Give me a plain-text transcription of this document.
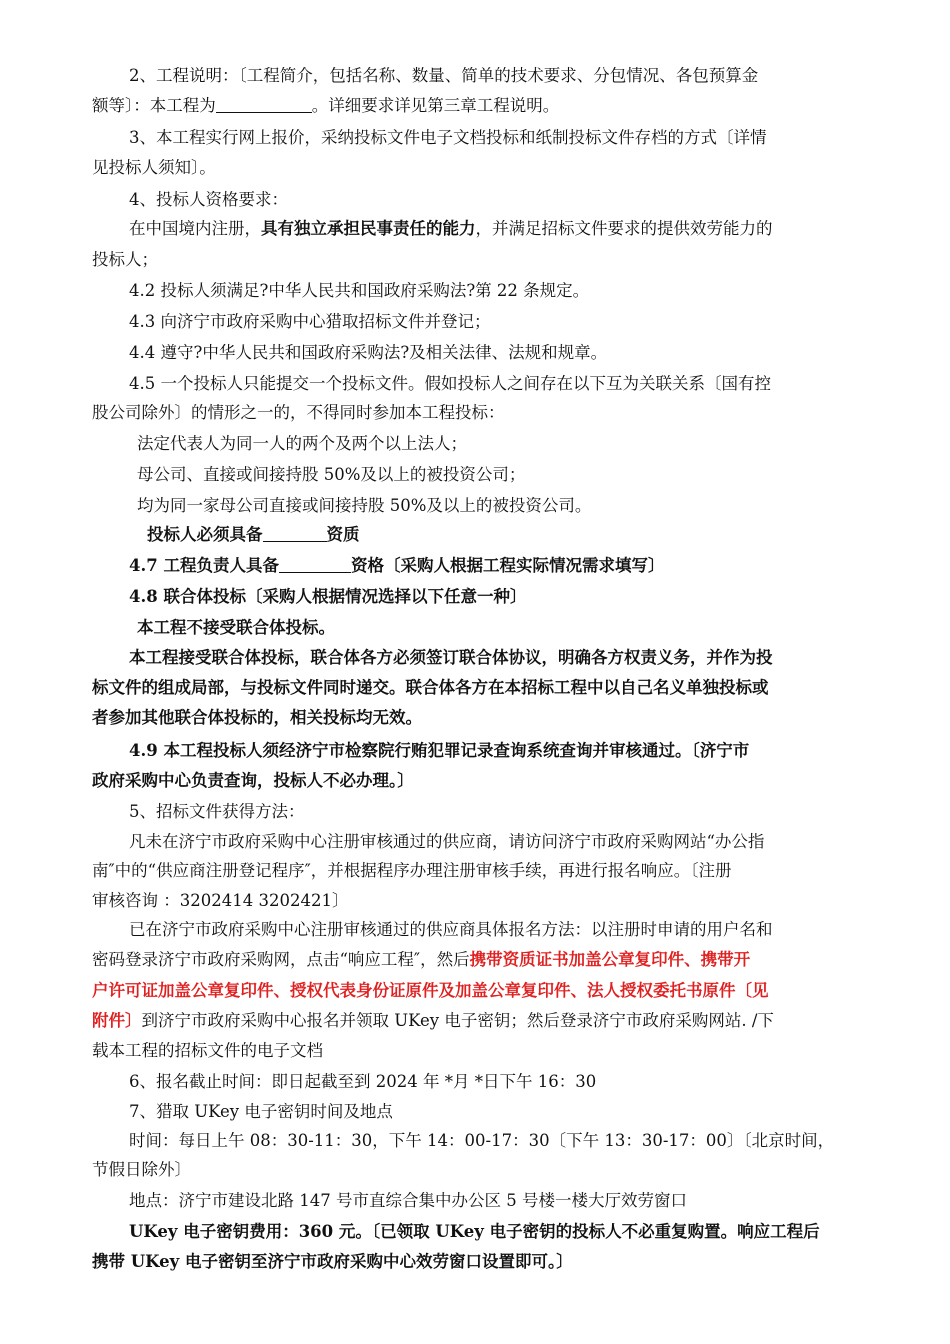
2、工程说明：〔工程简介，包括名称、数量、简单的技术要求、分包情况、各包预算金
额等〕：本工程为	。详细要求详见第三章工程说明。
3、本工程实行网上报价，采纳投标文件电子文档投标和纸制投标文件存档的方式〔详情
见投标人须知〕。
4、投标人资格要求：
在中国境内注册，具有独立承担民事责任的能力，并满足招标文件要求的提供效劳能力的
投标人；
4.2 投标人须满足?中华人民共和国政府采购法?第 22 条规定。
4.3 向济宁市政府采购中心猎取招标文件并登记；
4.4 遵守?中华人民共和国政府采购法?及相关法律、法规和规章。
4.5 一个投标人只能提交一个投标文件。假如投标人之间存在以下互为关联关系〔国有控
股公司除外〕的情形之一的，不得同时参加本工程投标：
法定代表人为同一人的两个及两个以上法人；
母公司、直接或间接持股 50%及以上的被投资公司；
均为同一家母公司直接或间接持股 50%及以上的被投资公司。
投标人必须具备	资质
4.7 工程负责人具备	资格〔采购人根据工程实际情况需求填写〕
4.8 联合体投标〔采购人根据情况选择以下任意一种〕
本工程不接受联合体投标。
本工程接受联合体投标，联合体各方必须签订联合体协议，明确各方权责义务，并作为投
标文件的组成局部，与投标文件同时递交。联合体各方在本招标工程中以自己名义单独投标或
者参加其他联合体投标的，相关投标均无效。
4.9 本工程投标人须经济宁市检察院行贿犯罪记录查询系统查询并审核通过。〔济宁市
政府采购中心负责查询，投标人不必办理。〕
5、招标文件获得方法：
凡未在济宁市政府采购中心注册审核通过的供应商，请访问济宁市政府采购网站“办公指
南″中的“供应商注册登记程序″，并根据程序办理注册审核手续，再进行报名响应。〔注册
审核咨询 ：3202414 3202421〕
已在济宁市政府采购中心注册审核通过的供应商具体报名方法：以注册时申请的用户名和
密码登录济宁市政府采购网，点击“响应工程″，然后携带资质证书加盖公章复印件、携带开
户许可证加盖公章复印件、授权代表身份证原件及加盖公章复印件、法人授权委托书原件〔见
附件〕到济宁市政府采购中心报名并领取 UKey 电子密钥；然后登录济宁市政府采购网站. /下
载本工程的招标文件的电子文档
6、报名截止时间：即日起截至到 2024 年 *月 *日下午 16：30
7、猎取 UKey 电子密钥时间及地点
时间：每日上午 08：30-11：30，下午 14：00-17：30〔下午 13：30-17：00〕〔北京时间，
节假日除外〕
地点：济宁市建设北路 147 号市直综合集中办公区 5 号楼一楼大厅效劳窗口
UKey 电子密钥费用：360 元。〔已领取 UKey 电子密钥的投标人不必重复购置。响应工程后
携带 UKey 电子密钥至济宁市政府采购中心效劳窗口设置即可。〕
